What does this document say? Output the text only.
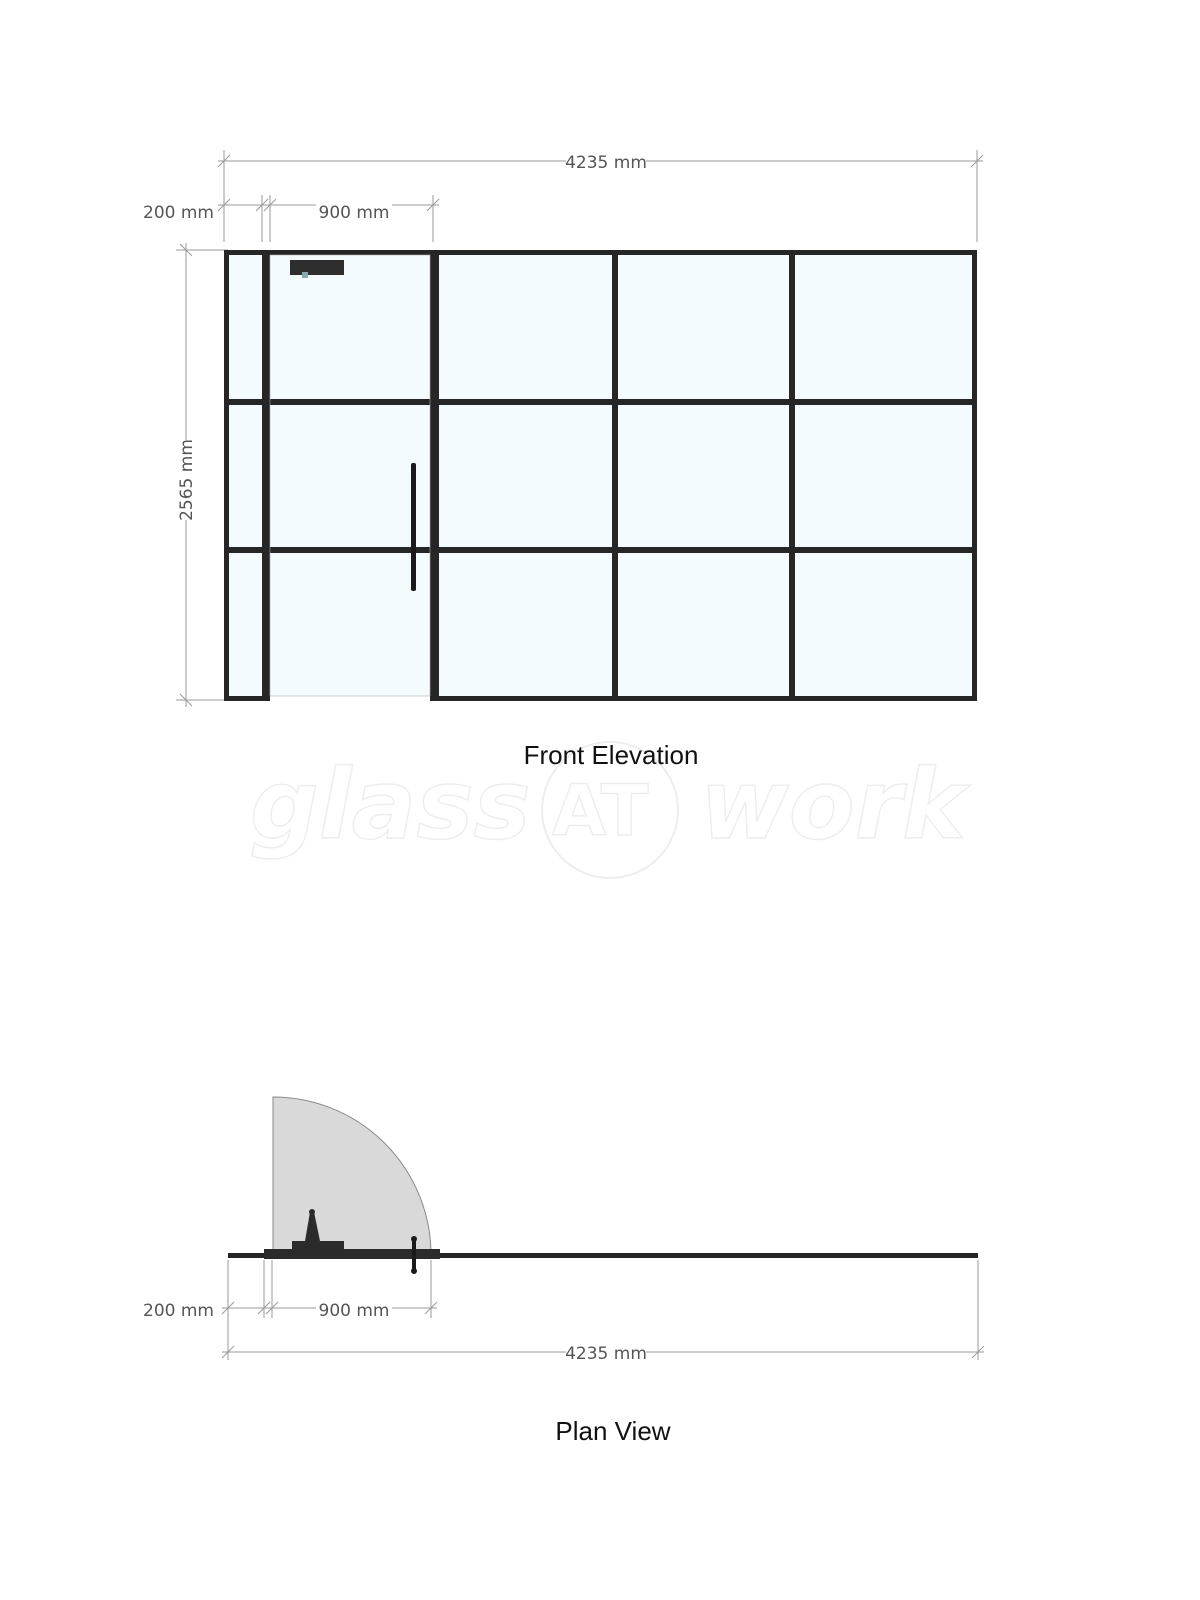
glass AT work
4235 mm
200 mm	900 mm
2565 mm
Front Elevation
200 mm	900 mm
4235 mm
Plan View
